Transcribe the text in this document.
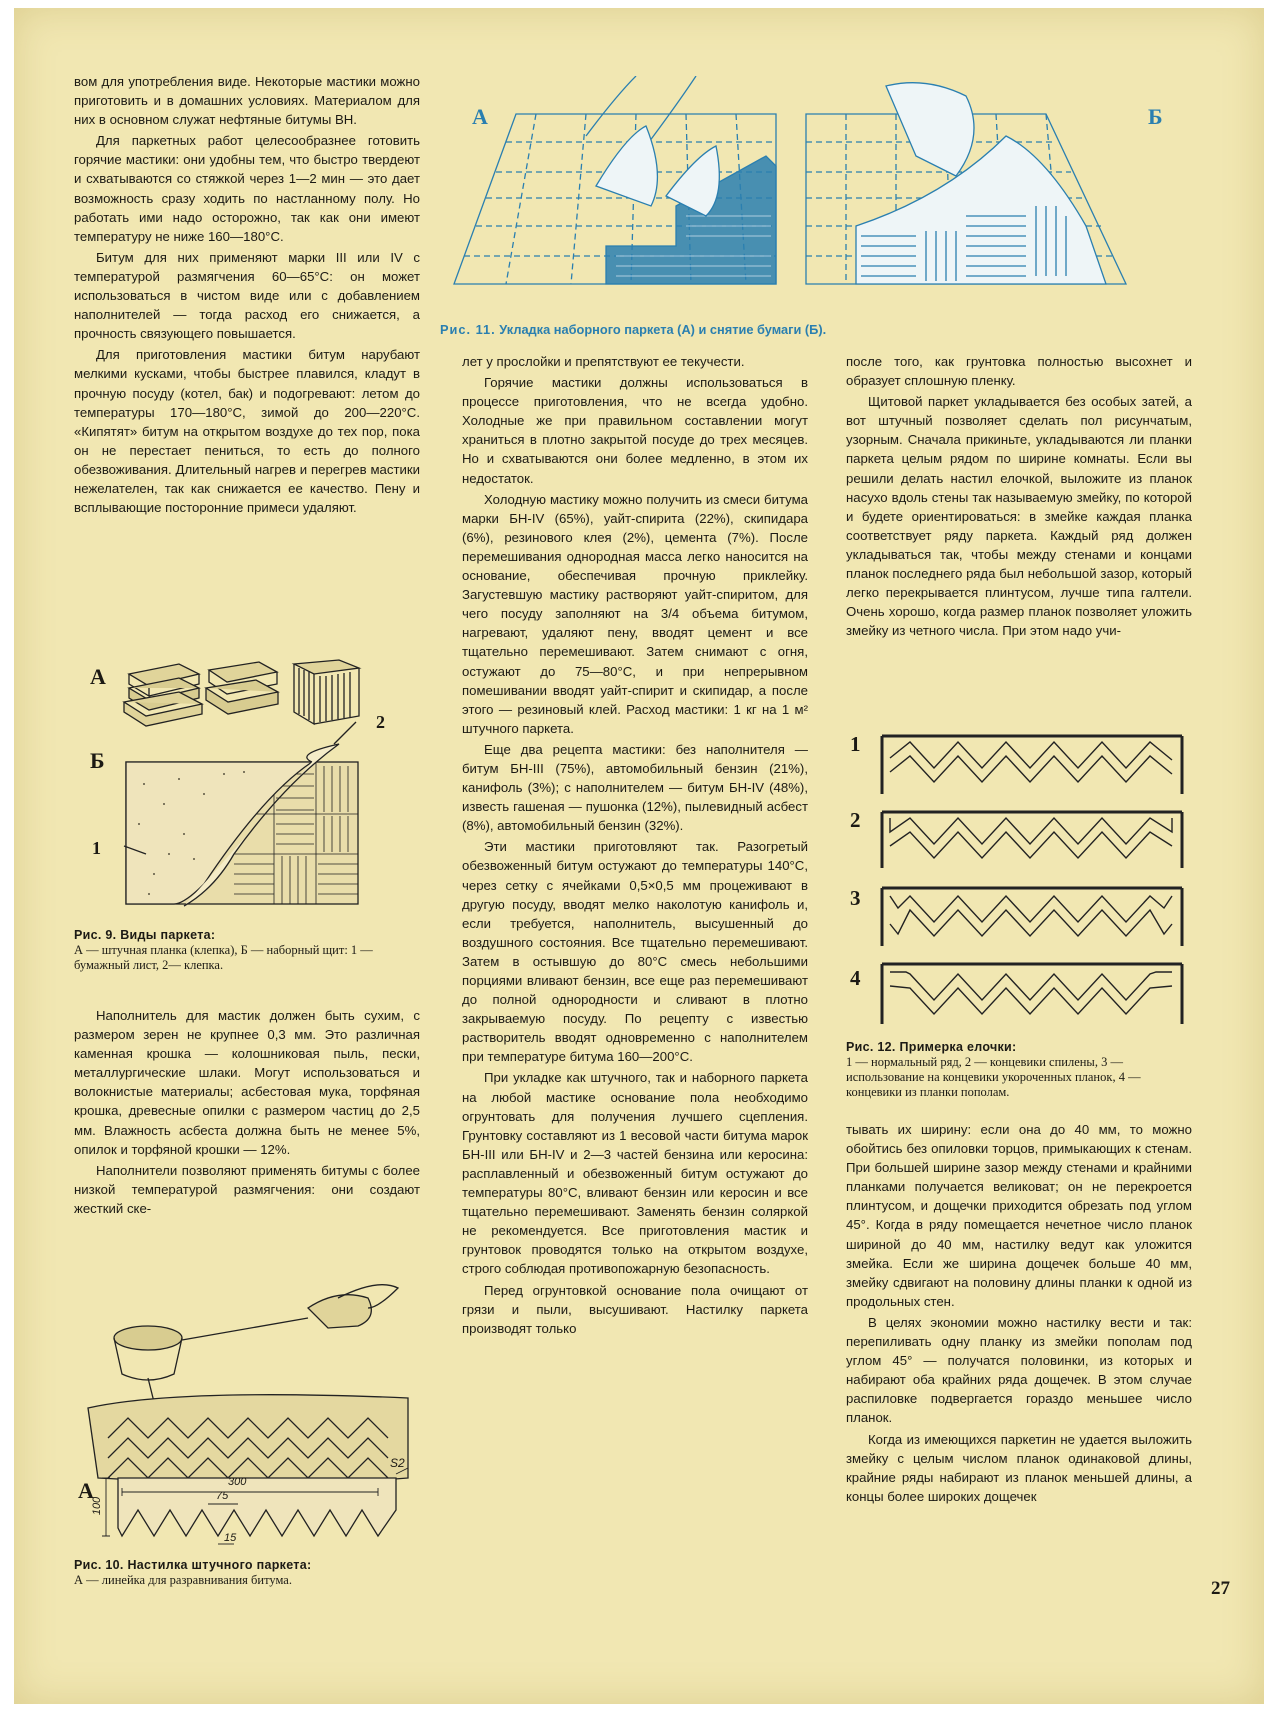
вом для употребления виде. Некоторые мастики можно приготовить и в домашних условиях. Материалом для них в основном служат нефтяные битумы ВН.

Для паркетных работ целесообразнее готовить горячие мастики: они удобны тем, что быстро твердеют и схватываются со стяжкой через 1—2 мин — это дает возможность сразу ходить по настланному полу. Но работать ими надо осторожно, так как они имеют температуру не ниже 160—180°С.

Битум для них применяют марки III или IV с температурой размягчения 60—65°С: он может использоваться в чистом виде или с добавлением наполнителей — тогда расход его снижается, а прочность связующего повышается.

Для приготовления мастики битум нарубают мелкими кусками, чтобы быстрее плавился, кладут в прочную посуду (котел, бак) и подогревают: летом до температуры 170—180°С, зимой до 200—220°С. «Кипятят» битум на открытом воздухе до тех пор, пока он не перестает пениться, то есть до полного обезвоживания. Длительный нагрев и перегрев мастики нежелателен, так как снижается ее качество. Пену и всплывающие посторонние примеси удаляют.

А
Б
1
2

Рис. 9. Виды паркета:
А — штучная планка (клепка), Б — наборный щит: 1 — бумажный лист, 2— клепка.

Наполнитель для мастик должен быть сухим, с размером зерен не крупнее 0,3 мм. Это различная каменная крошка — колошниковая пыль, пески, металлургические шлаки. Могут использоваться и волокнистые материалы; асбестовая мука, торфяная крошка, древесные опилки с размером частиц до 2,5 мм. Влажность асбеста должна быть не менее 5%, опилок и торфяной крошки — 12%.

Наполнители позволяют применять битумы с более низкой температурой размягчения: они создают жесткий ске-

А	300
75
15
100
S2

Рис. 10. Настилка штучного паркета:
А — линейка для разравнивания битума.

А	Б
Рис. 11. Укладка наборного паркета (А) и снятие бумаги (Б).

лет у прослойки и препятствуют ее текучести.

Горячие мастики должны использоваться в процессе приготовления, что не всегда удобно. Холодные же при правильном составлении могут храниться в плотно закрытой посуде до трех месяцев. Но и схватываются они более медленно, в этом их недостаток.

Холодную мастику можно получить из смеси битума марки БН-IV (65%), уайт-спирита (22%), скипидара (6%), резинового клея (2%), цемента (7%). После перемешивания однородная масса легко наносится на основание, обеспечивая прочную приклейку. Загустевшую мастику растворяют уайт-спиритом, для чего посуду заполняют на 3/4 объема битумом, нагревают, удаляют пену, вводят цемент и все тщательно перемешивают. Затем снимают с огня, остужают до 75—80°С, и при непрерывном помешивании вводят уайт-спирит и скипидар, а после этого — резиновый клей. Расход мастики: 1 кг на 1 м² штучного паркета.

Еще два рецепта мастики: без наполнителя — битум БН-III (75%), автомобильный бензин (21%), канифоль (3%); с наполнителем — битум БН-IV (48%), известь гашеная — пушонка (12%), пылевидный асбест (8%), автомобильный бензин (32%).

Эти мастики приготовляют так. Разогретый обезвоженный битум остужают до температуры 140°С, через сетку с ячейками 0,5×0,5 мм процеживают в другую посуду, вводят мелко наколотую канифоль и, если требуется, наполнитель, высушенный до воздушного состояния. Все тщательно перемешивают. Затем в остывшую до 80°С смесь небольшими порциями вливают бензин, все еще раз перемешивают до полной однородности и сливают в плотно закрываемую посуду. По рецепту с известью растворитель вводят одновременно с наполнителем при температуре битума 160—200°С.

При укладке как штучного, так и наборного паркета на любой мастике основание пола необходимо огрунтовать для получения лучшего сцепления. Грунтовку составляют из 1 весовой части битума марок БН-III или БН-IV и 2—3 частей бензина или керосина: расплавленный и обезвоженный битум остужают до температуры 80°С, вливают бензин или керосин и все тщательно перемешивают. Заменять бензин соляркой не рекомендуется. Все приготовления мастик и грунтовок проводятся только на открытом воздухе, строго соблюдая противопожарную безопасность.

Перед огрунтовкой основание пола очищают от грязи и пыли, высушивают. Настилку паркета производят только

после того, как грунтовка полностью высохнет и образует сплошную пленку.

Щитовой паркет укладывается без особых затей, а вот штучный позволяет сделать пол рисунчатым, узорным. Сначала прикиньте, укладываются ли планки паркета целым рядом по ширине комнаты. Если вы решили делать настил елочкой, выложите из планок насухо вдоль стены так называемую змейку, по которой и будете ориентироваться: в змейке каждая планка соответствует ряду паркета. Каждый ряд должен укладываться так, чтобы между стенами и концами планок последнего ряда был небольшой зазор, который легко перекрывается плинтусом, лучше типа галтели. Очень хорошо, когда размер планок позволяет уложить змейку из четного числа. При этом надо учи-

1
2
3
4

Рис. 12. Примерка елочки:
1 — нормальный ряд, 2 — концевики спилены, 3 — использование на концевики укороченных планок, 4 — концевики из планки пополам.

тывать их ширину: если она до 40 мм, то можно обойтись без опиловки торцов, примыкающих к стенам. При большей ширине зазор между стенами и крайними планками получается великоват; он не перекроется плинтусом, и дощечки приходится обрезать под углом 45°. Когда в ряду помещается нечетное число планок шириной до 40 мм, настилку ведут как уложится змейка. Если же ширина дощечек больше 40 мм, змейку сдвигают на половину длины планки к одной из продольных стен.

В целях экономии можно настилку вести и так: перепиливать одну планку из змейки пополам под углом 45° — получатся половинки, из которых и набирают оба крайних ряда дощечек. В этом случае распиловке подвергается гораздо меньшее число планок.

Когда из имеющихся паркетин не удается выложить змейку с целым числом планок одинаковой длины, крайние ряды набирают из планок меньшей длины, а концы более широких дощечек

27
